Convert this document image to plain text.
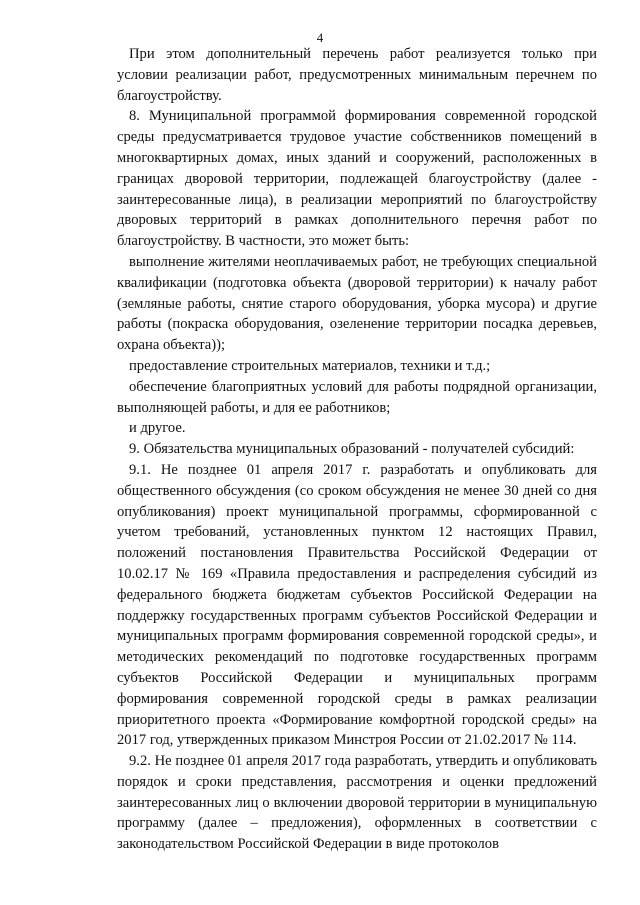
4

При этом дополнительный перечень работ реализуется только при условии реализации работ, предусмотренных минимальным перечнем по благоустройству.

8. Муниципальной программой формирования современной городской среды предусматривается трудовое участие собственников помещений в многоквартирных домах, иных зданий и сооружений, расположенных в границах дворовой территории, подлежащей благоустройству (далее - заинтересованные лица), в реализации мероприятий по благоустройству дворовых территорий в рамках дополнительного перечня работ по благоустройству. В частности, это может быть:

выполнение жителями неоплачиваемых работ, не требующих специальной квалификации (подготовка объекта (дворовой территории) к началу работ (земляные работы, снятие старого оборудования, уборка мусора) и другие работы (покраска оборудования, озеленение территории посадка деревьев, охрана объекта));

предоставление строительных материалов, техники и т.д.;

обеспечение благоприятных условий для работы подрядной организации, выполняющей работы, и для ее работников;

и другое.

9. Обязательства муниципальных образований - получателей субсидий:

9.1. Не позднее 01 апреля 2017 г. разработать и опубликовать для общественного обсуждения (со сроком обсуждения не менее 30 дней со дня опубликования) проект муниципальной программы, сформированной с учетом требований, установленных пунктом 12 настоящих Правил, положений постановления Правительства Российской Федерации от 10.02.17 № 169 «Правила предоставления и распределения субсидий из федерального бюджета бюджетам субъектов Российской Федерации на поддержку государственных программ субъектов Российской Федерации и муниципальных программ формирования современной городской среды», и методических рекомендаций по подготовке государственных программ субъектов Российской Федерации и муниципальных программ формирования современной городской среды в рамках реализации приоритетного проекта «Формирование комфортной городской среды» на 2017 год, утвержденных приказом Минстроя России от 21.02.2017 № 114.

9.2. Не позднее 01 апреля 2017 года разработать, утвердить и опубликовать порядок и сроки представления, рассмотрения и оценки предложений заинтересованных лиц о включении дворовой территории в муниципальную программу (далее – предложения), оформленных в соответствии с законодательством Российской Федерации в виде протоколов
